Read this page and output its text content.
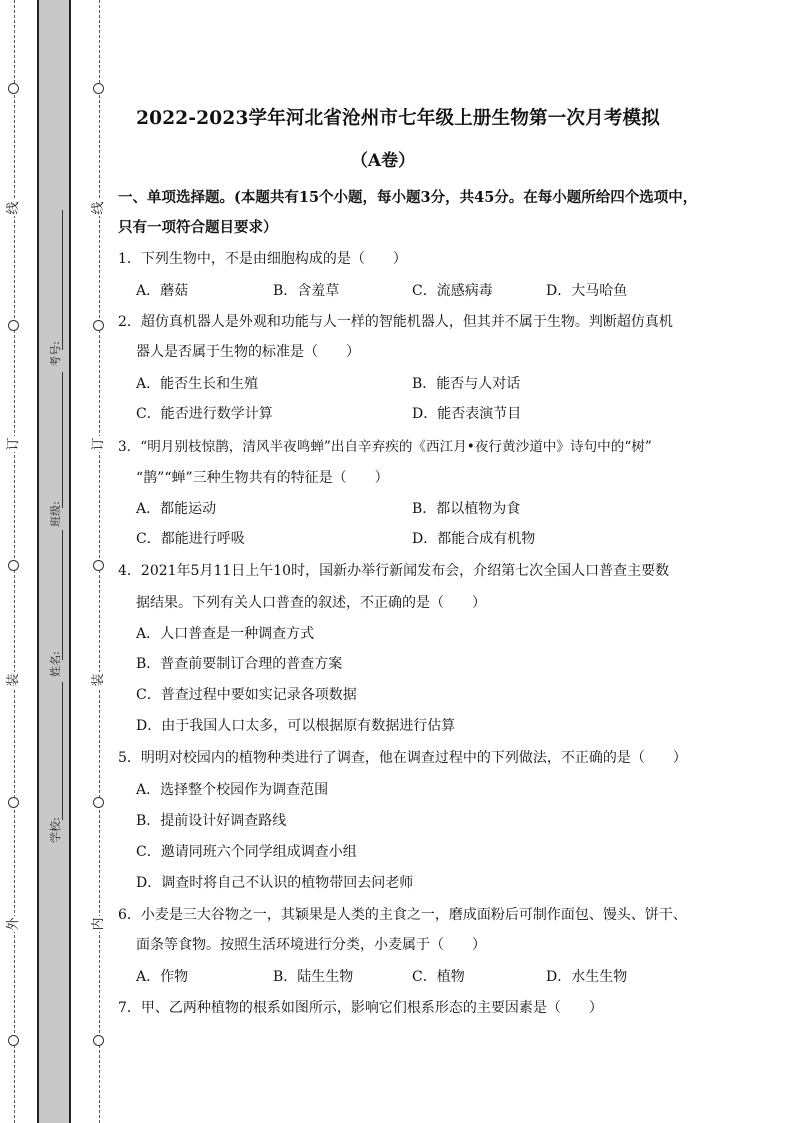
线
订
装
外
线
订
装
内
考号:
班级:
姓名:
学校:
2022-2023学年河北省沧州市七年级上册生物第一次月考模拟
（A卷）
一、单项选择题。(本题共有15个小题，每小题3分，共45分。在每小题所给四个选项中，
只有一项符合题目要求）
1．下列生物中，不是由细胞构成的是（　　）
A．蘑菇	B．含羞草	C．流感病毒	D．大马哈鱼
2．超仿真机器人是外观和功能与人一样的智能机器人，但其并不属于生物。判断超仿真机
器人是否属于生物的标准是（　　）
A．能否生长和生殖	B．能否与人对话
C．能否进行数学计算	D．能否表演节目
3．“明月别枝惊鹊，清风半夜鸣蝉”出自辛弃疾的《西江月•夜行黄沙道中》诗句中的“树”
“鹊”“蝉”三种生物共有的特征是（　　）
A．都能运动	B．都以植物为食
C．都能进行呼吸	D．都能合成有机物
4．2021年5月11日上午10时，国新办举行新闻发布会，介绍第七次全国人口普查主要数
据结果。下列有关人口普查的叙述，不正确的是（　　）
A．人口普查是一种调查方式
B．普查前要制订合理的普查方案
C．普查过程中要如实记录各项数据
D．由于我国人口太多，可以根据原有数据进行估算
5．明明对校园内的植物种类进行了调查，他在调查过程中的下列做法，不正确的是（　　）
A．选择整个校园作为调查范围
B．提前设计好调查路线
C．邀请同班六个同学组成调查小组
D．调查时将自己不认识的植物带回去问老师
6．小麦是三大谷物之一，其颖果是人类的主食之一，磨成面粉后可制作面包、馒头、饼干、
面条等食物。按照生活环境进行分类，小麦属于（　　）
A．作物	B．陆生生物	C．植物	D．水生生物
7．甲、乙两种植物的根系如图所示，影响它们根系形态的主要因素是（　　）
